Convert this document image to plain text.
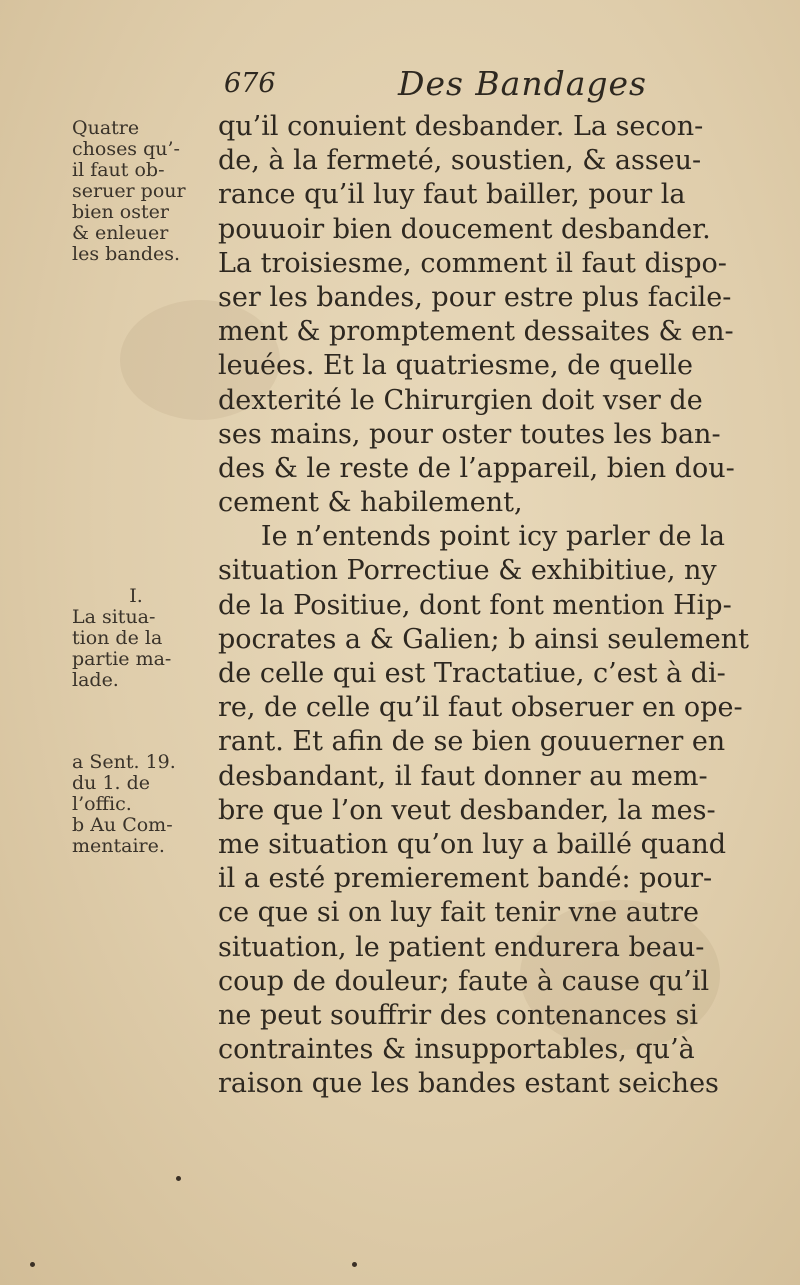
676	Des Bandages
Quatre
choses qu’-
il faut ob-
seruer pour
bien oster
& enleuer
les bandes.
I.
La situa-
tion de la
partie ma-
lade.
a Sent. 19.
du 1. de
l’offic.
b Au Com-
mentaire.
qu’il conuient desbander. La secon-
de, à la fermeté, soustien, & asseu-
rance qu’il luy faut bailler, pour la
pouuoir bien doucement desbander.
La troisiesme, comment il faut dispo-
ser les bandes, pour estre plus facile-
ment & promptement dessaites & en-
leuées. Et la quatriesme, de quelle
dexterité le Chirurgien doit vser de
ses mains, pour oster toutes les ban-
des & le reste de l’appareil, bien dou-
cement & habilement,
Ie n’entends point icy parler de la
situation Porrectiue & exhibitiue, ny
de la Positiue, dont font mention Hip-
pocrates a & Galien; b ainsi seulement
de celle qui est Tractatiue, c’est à di-
re, de celle qu’il faut obseruer en ope-
rant. Et afin de se bien gouuerner en
desbandant, il faut donner au mem-
bre que l’on veut desbander, la mes-
me situation qu’on luy a baillé quand
il a esté premierement bandé: pour-
ce que si on luy fait tenir vne autre
situation, le patient endurera beau-
coup de douleur; faute à cause qu’il
ne peut souffrir des contenances si
contraintes & insupportables, qu’à
raison que les bandes estant seiches
